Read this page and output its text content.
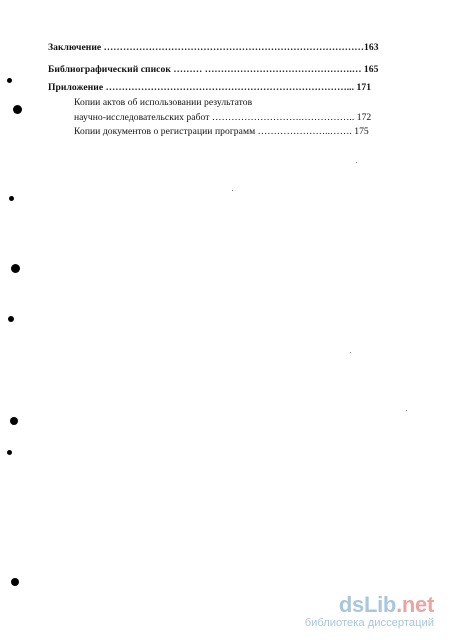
Заключение ………………………………………………………………………163
Библиографический список ……… ……………………………………….… 165
Приложение …………………………………………………………………... 171
Копии актов об использовании результатов
научно-исследовательских работ ……………………….…………….. 172
Копии документов о регистрации программ …………………..……. 175
dsLib.net
библиотека диссертаций
